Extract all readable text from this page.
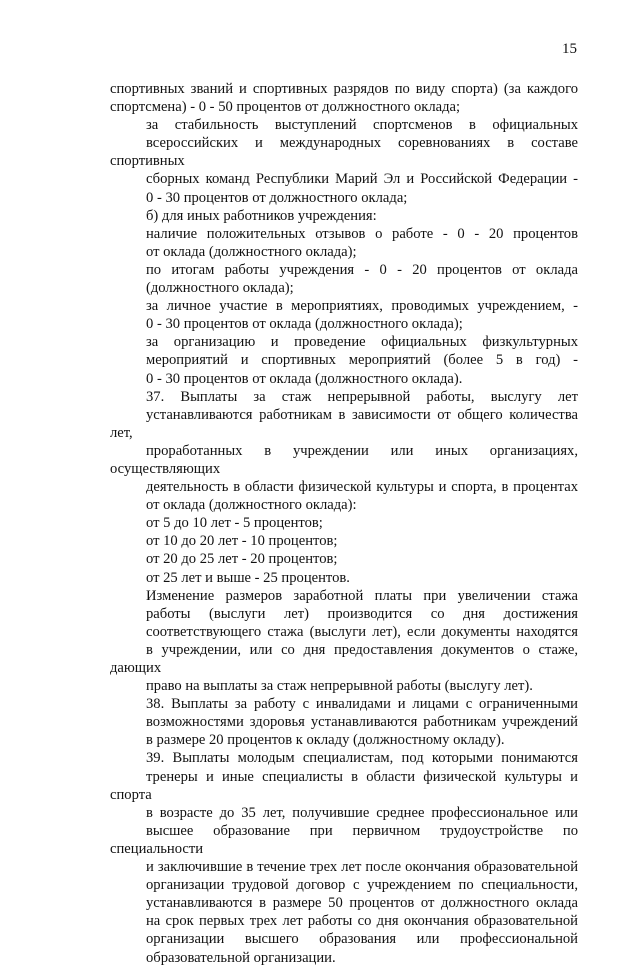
15

спортивных званий и спортивных разрядов по виду спорта) (за каждого
спортсмена) - 0 - 50 процентов от должностного оклада;

за стабильность выступлений спортсменов в официальных
всероссийских и международных соревнованиях в составе спортивных
сборных команд Республики Марий Эл и Российской Федерации -
0 - 30 процентов от должностного оклада;

б) для иных работников учреждения:

наличие положительных отзывов о работе - 0 - 20 процентов
от оклада (должностного оклада);

по итогам работы учреждения - 0 - 20 процентов от оклада
(должностного оклада);

за личное участие в мероприятиях, проводимых учреждением, -
0 - 30 процентов от оклада (должностного оклада);

за организацию и проведение официальных физкультурных
мероприятий и спортивных мероприятий (более 5 в год) -
0 - 30 процентов от оклада (должностного оклада).

37. Выплаты за стаж непрерывной работы, выслугу лет
устанавливаются работникам в зависимости от общего количества лет,
проработанных в учреждении или иных организациях, осуществляющих
деятельность в области физической культуры и спорта, в процентах
от оклада (должностного оклада):

от 5 до 10 лет - 5 процентов;

от 10 до 20 лет - 10 процентов;

от 20 до 25 лет - 20 процентов;

от 25 лет и выше - 25 процентов.

Изменение размеров заработной платы при увеличении стажа
работы (выслуги лет) производится со дня достижения
соответствующего стажа (выслуги лет), если документы находятся
в учреждении, или со дня предоставления документов о стаже, дающих
право на выплаты за стаж непрерывной работы (выслугу лет).

38. Выплаты за работу с инвалидами и лицами с ограниченными
возможностями здоровья устанавливаются работникам учреждений
в размере 20 процентов к окладу (должностному окладу).

39. Выплаты молодым специалистам, под которыми понимаются
тренеры и иные специалисты в области физической культуры и спорта
в возрасте до 35 лет, получившие среднее профессиональное или
высшее образование при первичном трудоустройстве по специальности
и заключившие в течение трех лет после окончания образовательной
организации трудовой договор с учреждением по специальности,
устанавливаются в размере 50 процентов от должностного оклада
на срок первых трех лет работы со дня окончания образовательной
организации высшего образования или профессиональной
образовательной организации.
